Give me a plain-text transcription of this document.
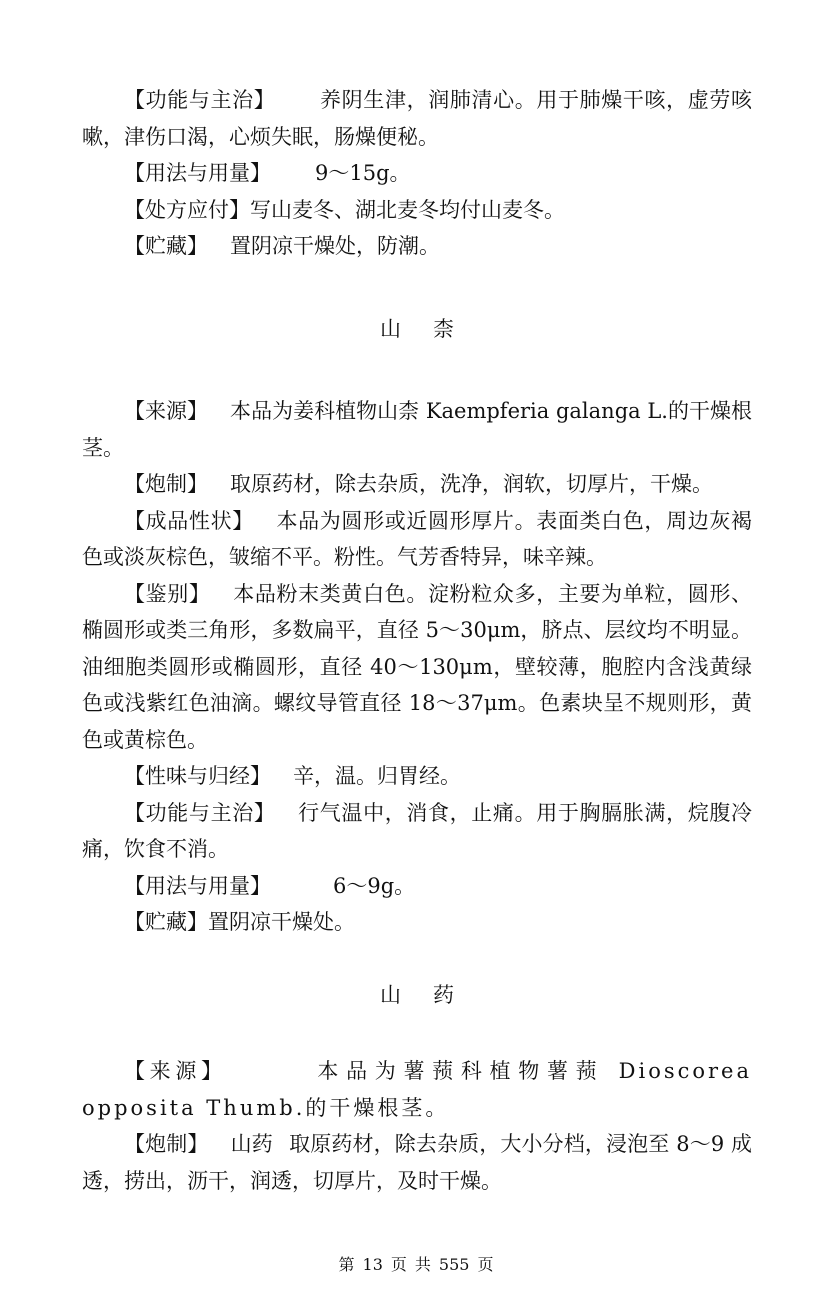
【功能与主治】 养阴生津，润肺清心。用于肺燥干咳，虚劳咳嗽，津伤口渴，心烦失眠，肠燥便秘。

【用法与用量】 9～15g。

【处方应付】写山麦冬、湖北麦冬均付山麦冬。

【贮藏】 置阴凉干燥处，防潮。

山 柰

【来源】 本品为姜科植物山柰 Kaempferia galanga L.的干燥根茎。

【炮制】 取原药材，除去杂质，洗净，润软，切厚片，干燥。

【成品性状】 本品为圆形或近圆形厚片。表面类白色，周边灰褐色或淡灰棕色，皱缩不平。粉性。气芳香特异，味辛辣。

【鉴别】 本品粉末类黄白色。淀粉粒众多，主要为单粒，圆形、椭圆形或类三角形，多数扁平，直径 5～30μm，脐点、层纹均不明显。油细胞类圆形或椭圆形，直径 40～130μm，壁较薄，胞腔内含浅黄绿色或浅紫红色油滴。螺纹导管直径 18～37μm。色素块呈不规则形，黄色或黄棕色。

【性味与归经】 辛，温。归胃经。

【功能与主治】 行气温中，消食，止痛。用于胸膈胀满，烷腹冷痛，饮食不消。

【用法与用量】	6～9g。

【贮藏】置阴凉干燥处。

山 药

【来源】	本品为薯蓣科植物薯蓣 Dioscorea opposita Thumb.的干燥根茎。

【炮制】 山药 取原药材，除去杂质，大小分档，浸泡至 8～9 成透，捞出，沥干，润透，切厚片，及时干燥。

第 13 页 共 555 页
